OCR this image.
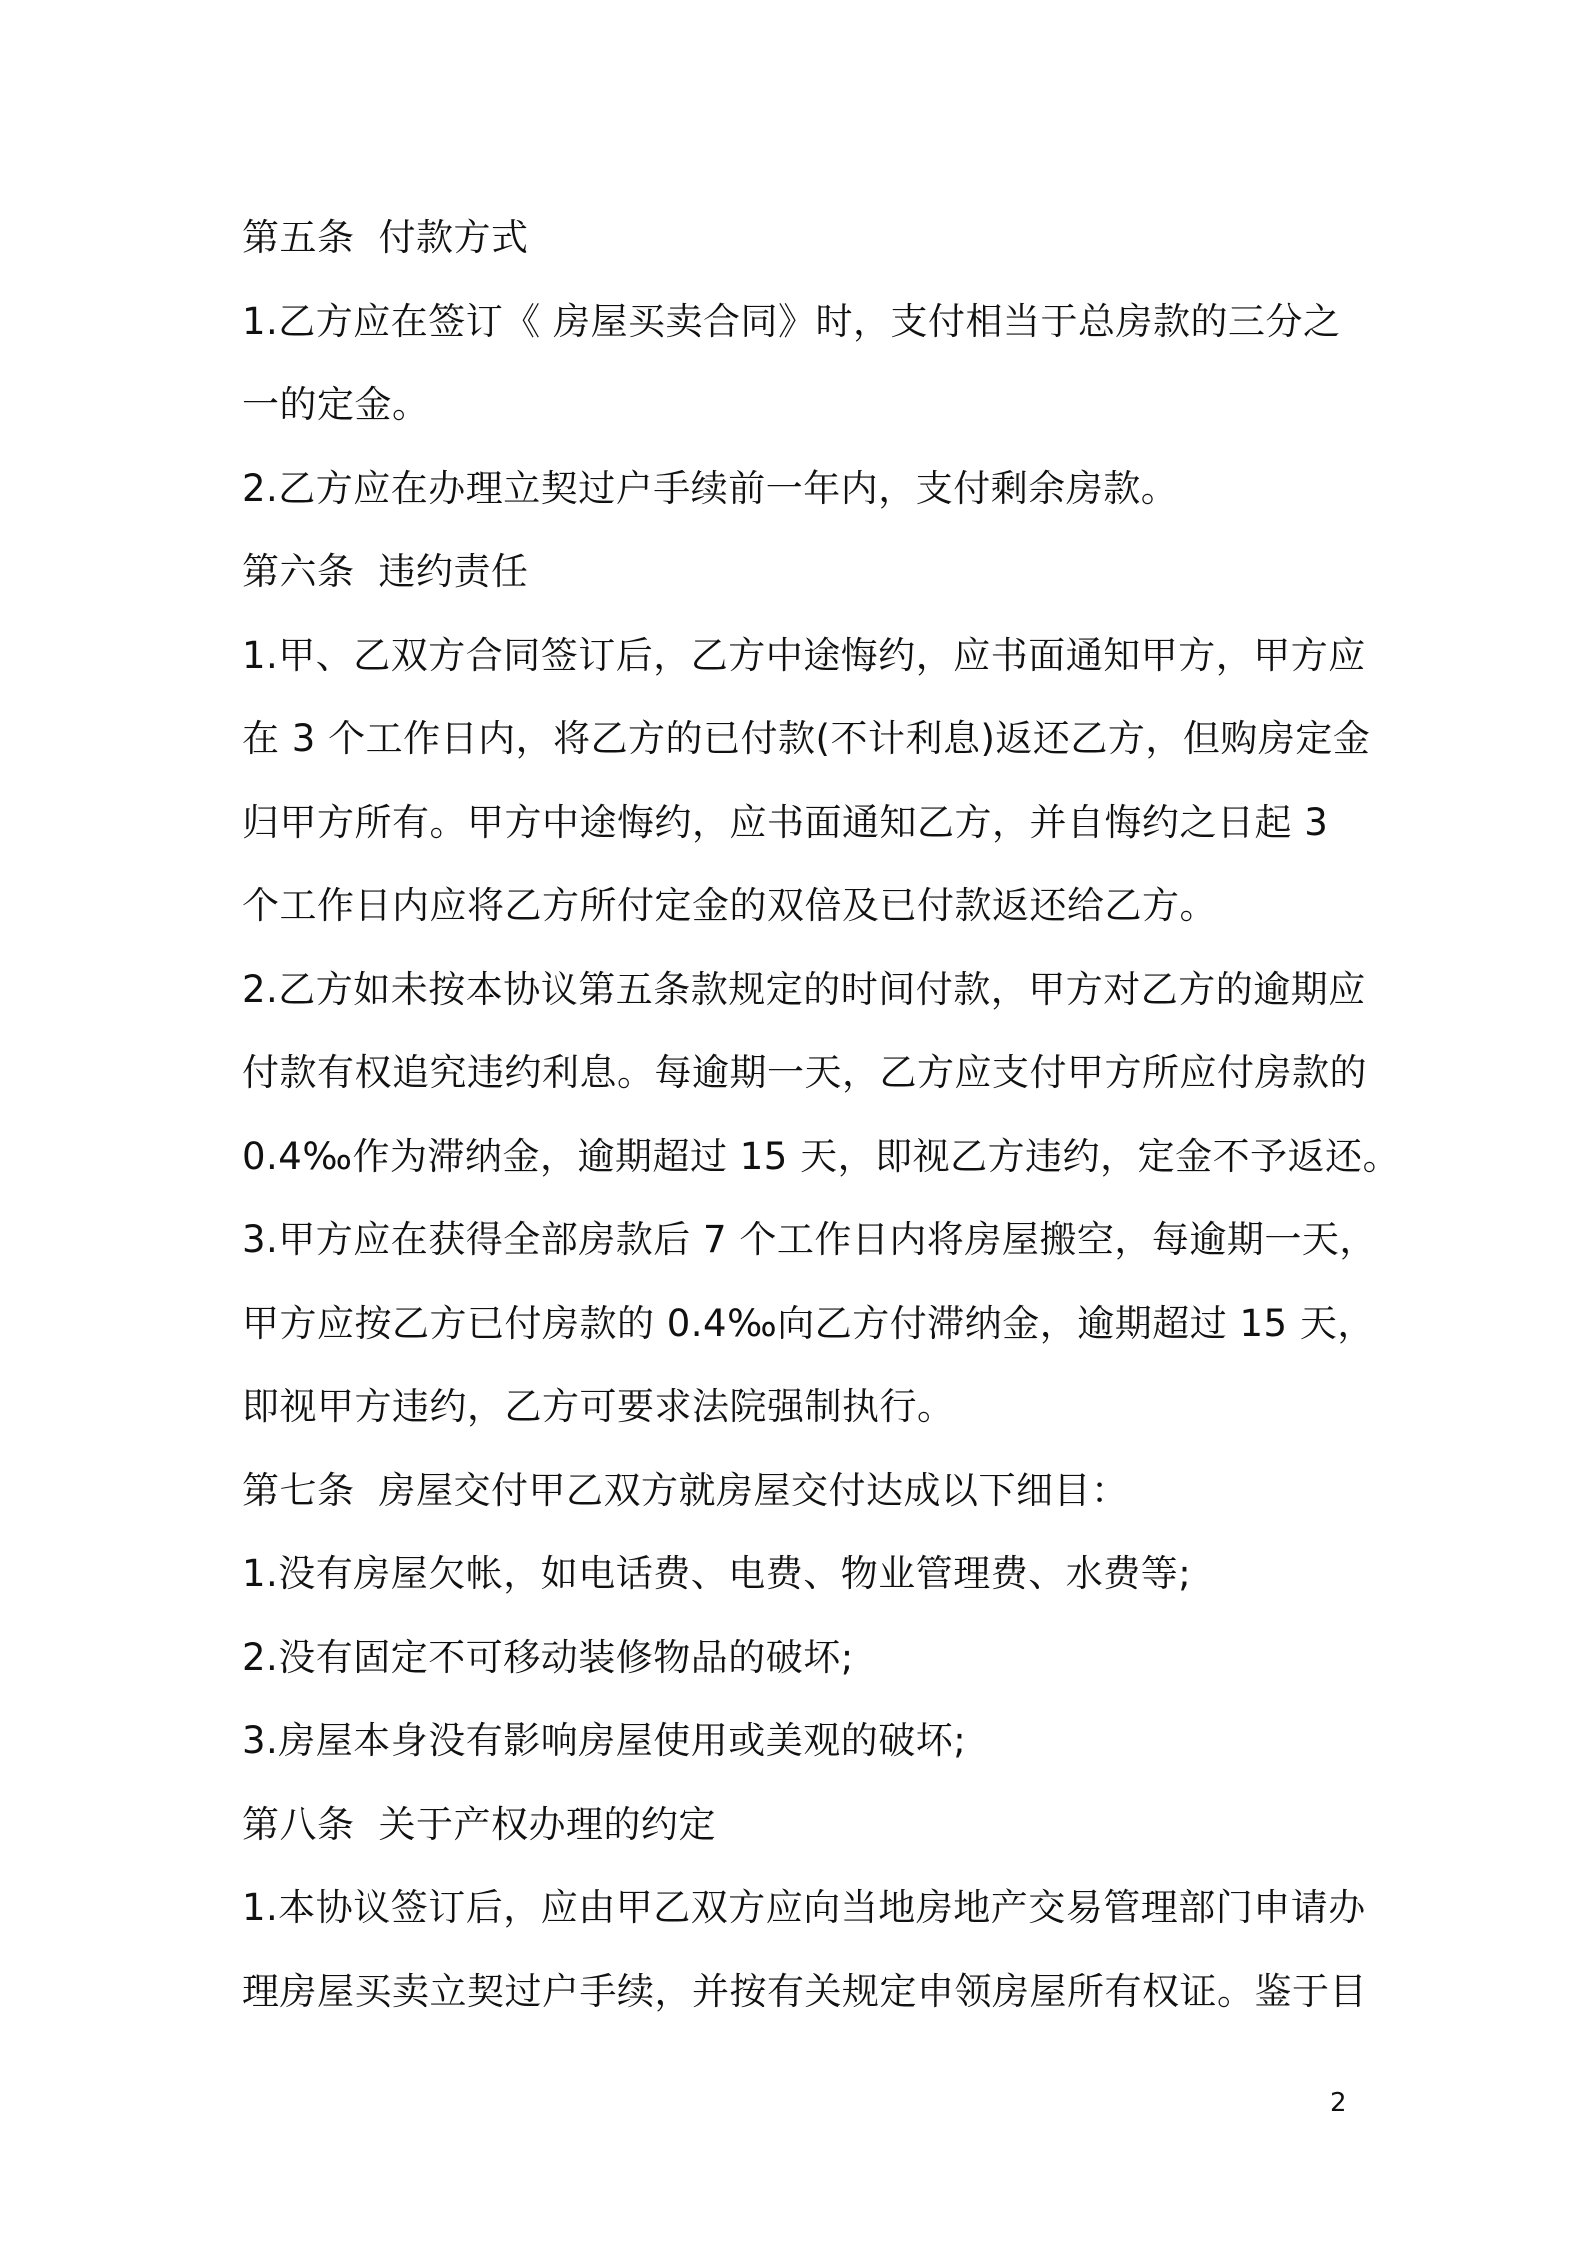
第五条 付款方式
1.乙方应在签订《 房屋买卖合同》时，支付相当于总房款的三分之
一的定金。
2.乙方应在办理立契过户手续前一年内，支付剩余房款。
第六条 违约责任
1.甲、乙双方合同签订后，乙方中途悔约，应书面通知甲方，甲方应
在 3 个工作日内，将乙方的已付款(不计利息)返还乙方，但购房定金
归甲方所有。甲方中途悔约，应书面通知乙方，并自悔约之日起 3
个工作日内应将乙方所付定金的双倍及已付款返还给乙方。
2.乙方如未按本协议第五条款规定的时间付款，甲方对乙方的逾期应
付款有权追究违约利息。每逾期一天，乙方应支付甲方所应付房款的
0.4‰作为滞纳金，逾期超过 15 天，即视乙方违约，定金不予返还。
3.甲方应在获得全部房款后 7 个工作日内将房屋搬空，每逾期一天，
甲方应按乙方已付房款的 0.4‰向乙方付滞纳金，逾期超过 15 天，
即视甲方违约，乙方可要求法院强制执行。
第七条 房屋交付甲乙双方就房屋交付达成以下细目：
1.没有房屋欠帐，如电话费、电费、物业管理费、水费等;
2.没有固定不可移动装修物品的破坏;
3.房屋本身没有影响房屋使用或美观的破坏;
第八条 关于产权办理的约定
1.本协议签订后，应由甲乙双方应向当地房地产交易管理部门申请办
理房屋买卖立契过户手续，并按有关规定申领房屋所有权证。鉴于目
2
